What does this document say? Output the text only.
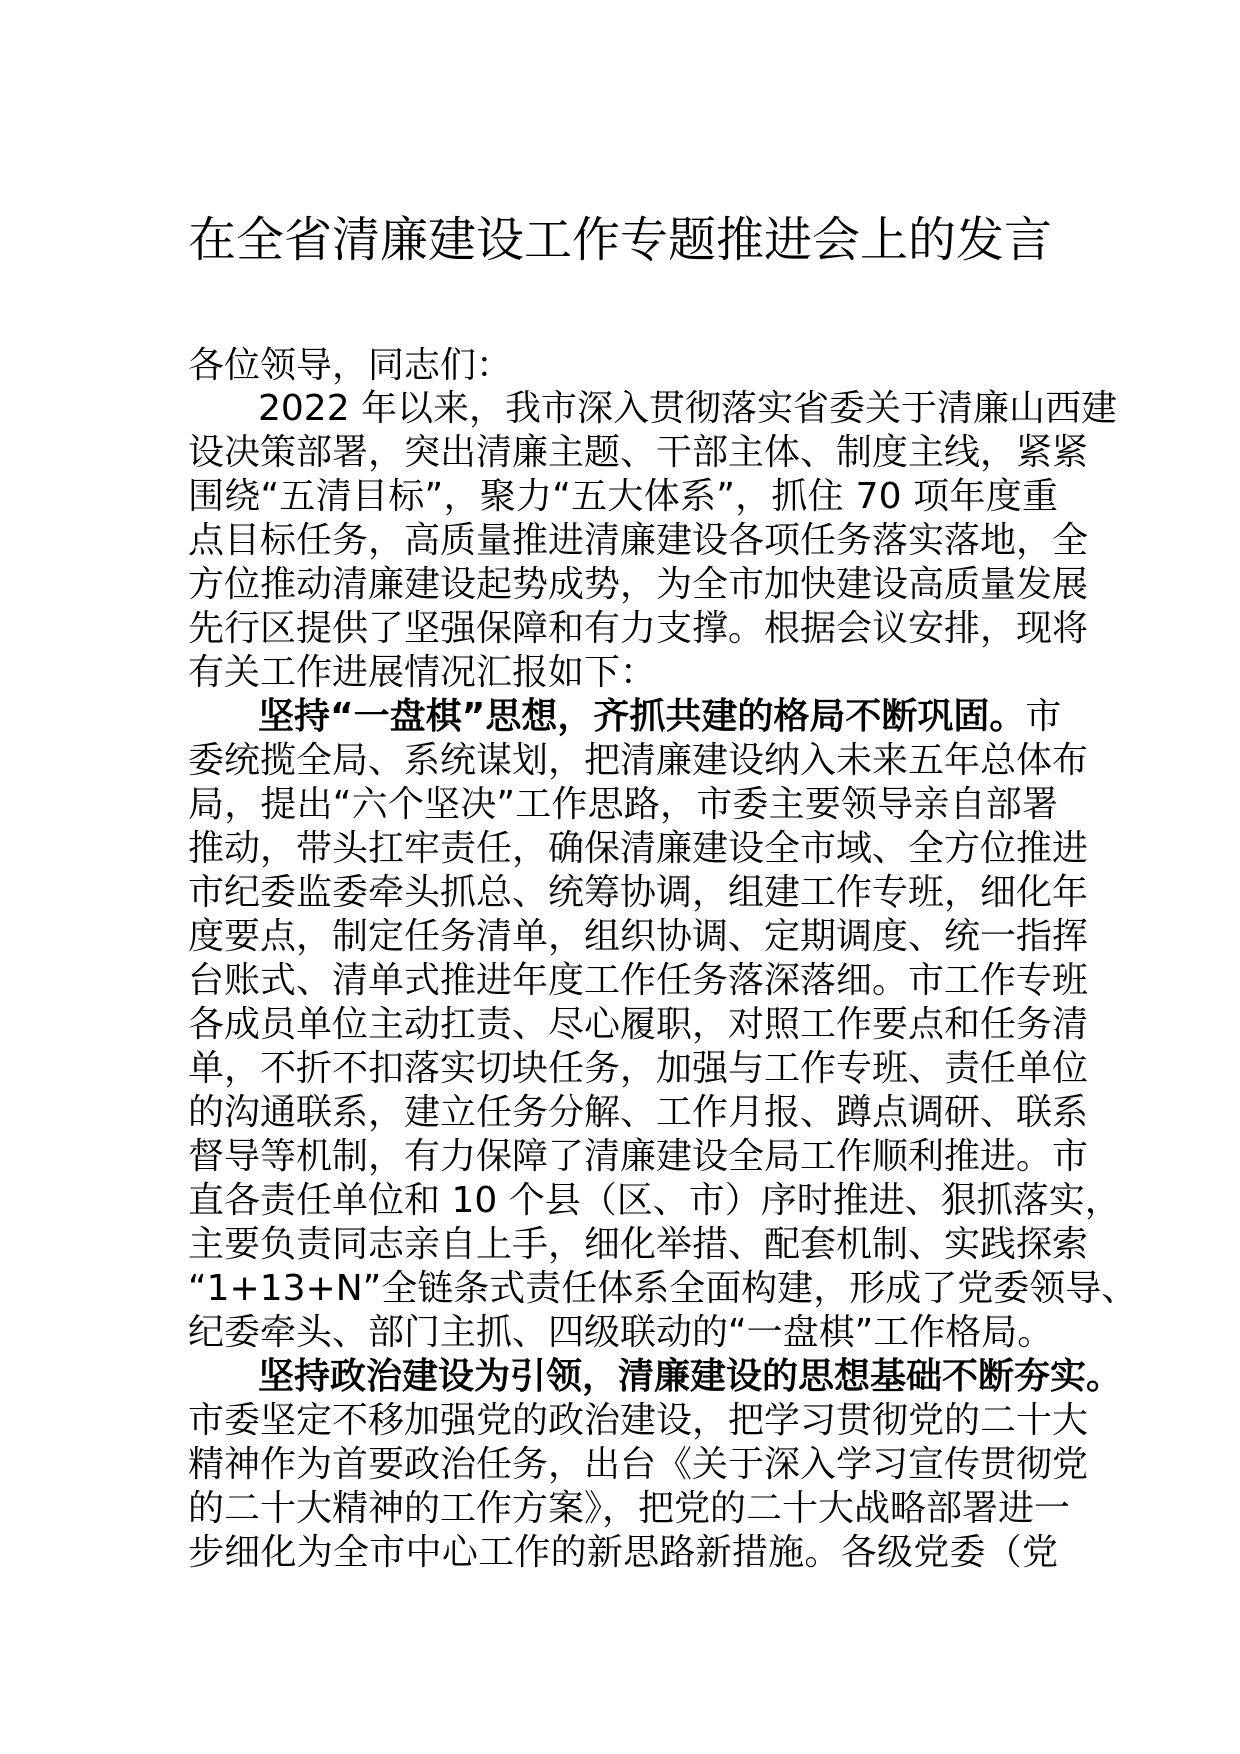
在全省清廉建设工作专题推进会上的发言

各位领导，同志们：

2022 年以来，我市深入贯彻落实省委关于清廉山西建

设决策部署，突出清廉主题、干部主体、制度主线，紧紧

围绕“五清目标”，聚力“五大体系”，抓住 70 项年度重

点目标任务，高质量推进清廉建设各项任务落实落地，全

方位推动清廉建设起势成势，为全市加快建设高质量发展

先行区提供了坚强保障和有力支撑。根据会议安排，现将

有关工作进展情况汇报如下：

坚持“一盘棋”思想，齐抓共建的格局不断巩固。市

委统揽全局、系统谋划，把清廉建设纳入未来五年总体布

局，提出“六个坚决”工作思路，市委主要领导亲自部署

推动，带头扛牢责任，确保清廉建设全市域、全方位推进

市纪委监委牵头抓总、统筹协调，组建工作专班，细化年

度要点，制定任务清单，组织协调、定期调度、统一指挥

台账式、清单式推进年度工作任务落深落细。市工作专班

各成员单位主动扛责、尽心履职，对照工作要点和任务清

单，不折不扣落实切块任务，加强与工作专班、责任单位

的沟通联系，建立任务分解、工作月报、蹲点调研、联系

督导等机制，有力保障了清廉建设全局工作顺利推进。市

直各责任单位和 10 个县（区、市）序时推进、狠抓落实，

主要负责同志亲自上手，细化举措、配套机制、实践探索

“1+13+N”全链条式责任体系全面构建，形成了党委领导、

纪委牵头、部门主抓、四级联动的“一盘棋”工作格局。

坚持政治建设为引领，清廉建设的思想基础不断夯实。

市委坚定不移加强党的政治建设，把学习贯彻党的二十大

精神作为首要政治任务，出台《关于深入学习宣传贯彻党

的二十大精神的工作方案》，把党的二十大战略部署进一

步细化为全市中心工作的新思路新措施。各级党委（党
